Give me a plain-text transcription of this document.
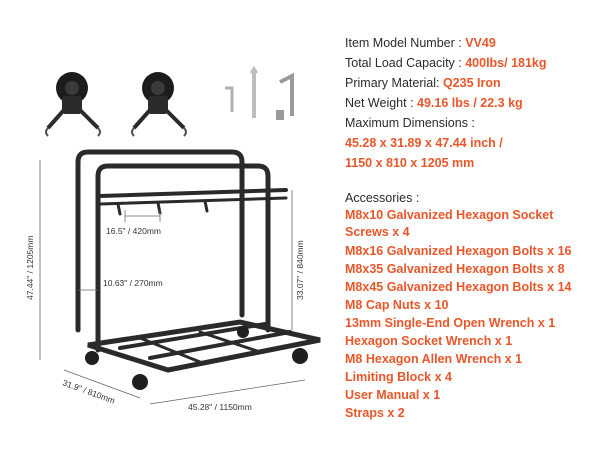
47.44" / 1205mm	33.07" / 840mm
16.5" / 420mm
10.63" / 270mm
31.9" / 810mm
45.28" / 1150mm
Item Model Number : VV49
Total Load Capacity : 400lbs/ 181kg
Primary Material: Q235 Iron
Net Weight : 49.16 lbs / 22.3 kg
Maximum Dimensions :
45.28 x 31.89 x 47.44 inch /
1150 x 810 x 1205 mm
Accessories :
M8x10 Galvanized Hexagon Socket
Screws x 4
M8x16 Galvanized Hexagon Bolts x 16
M8x35 Galvanized Hexagon Bolts x 8
M8x45 Galvanized Hexagon Bolts x 14
M8 Cap Nuts x 10
13mm Single-End Open Wrench x 1
Hexagon Socket Wrench x 1
M8 Hexagon Allen Wrench x 1
Limiting Block x 4
User Manual x 1
Straps x 2
